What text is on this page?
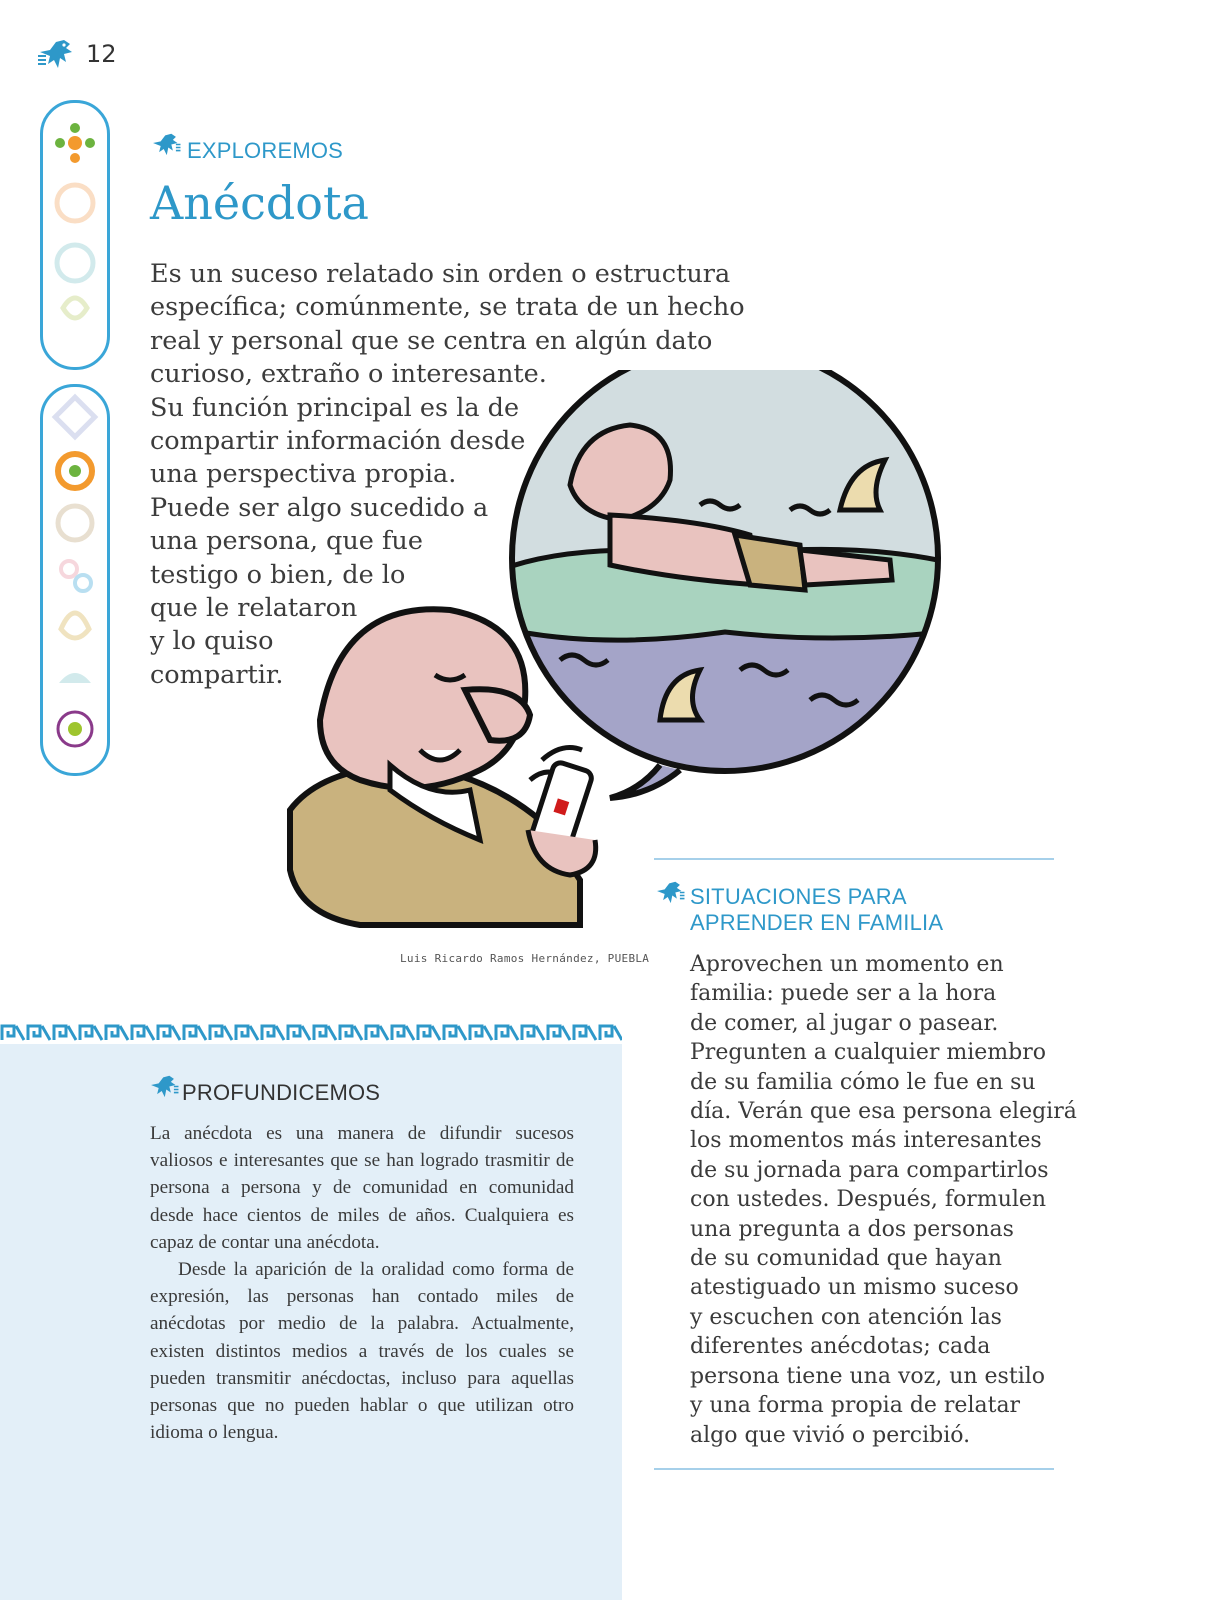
12
EXPLOREMOS
Anécdota
Es un suceso relatado sin orden o estructura
específica; comúnmente, se trata de un hecho
real y personal que se centra en algún dato
curioso, extraño o interesante.
Su función principal es la de
compartir información desde
una perspectiva propia.
Puede ser algo sucedido a
una persona, que fue
testigo o bien, de lo
que le relataron
y lo quiso
compartir.
Luis Ricardo Ramos Hernández, PUEBLA
SITUACIONES PARA
APRENDER EN FAMILIA
Aprovechen un momento en
familia: puede ser a la hora
de comer, al jugar o pasear.
Pregunten a cualquier miembro
de su familia cómo le fue en su
día. Verán que esa persona elegirá
los momentos más interesantes
de su jornada para compartirlos
con ustedes. Después, formulen
una pregunta a dos personas
de su comunidad que hayan
atestiguado un mismo suceso
y escuchen con atención las
diferentes anécdotas; cada
persona tiene una voz, un estilo
y una forma propia de relatar
algo que vivió o percibió.
PROFUNDICEMOS

La anécdota es una manera de difundir sucesos valiosos e interesantes que se han logrado trasmitir de persona a persona y de comunidad en comunidad desde hace cientos de miles de años. Cualquiera es capaz de contar una anécdota.

Desde la aparición de la oralidad como forma de expresión, las personas han contado miles de anécdotas por medio de la palabra. Actualmente, existen distintos medios a través de los cuales se pueden transmitir anécdoctas, incluso para aquellas personas que no pueden hablar o que utilizan otro idioma o lengua.
